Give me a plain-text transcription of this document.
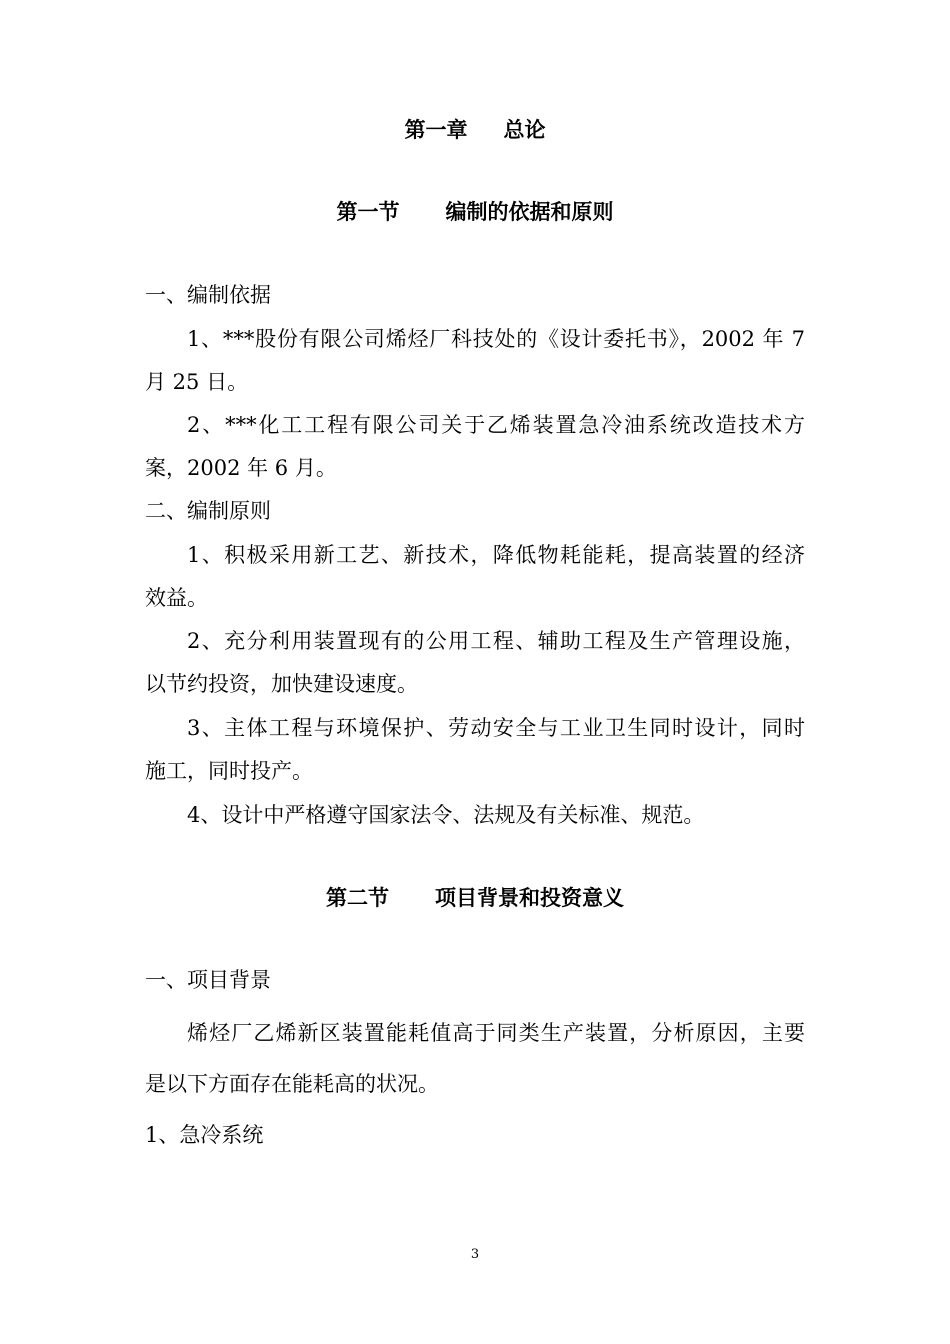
第一章 总论
第一节 编制的依据和原则
一、编制依据
1、***股份有限公司烯烃厂科技处的《设计委托书》，2002 年 7
月 25 日。
2、***化工工程有限公司关于乙烯装置急冷油系统改造技术方
案，2002 年 6 月。
二、编制原则
1、积极采用新工艺、新技术，降低物耗能耗，提高装置的经济
效益。
2、充分利用装置现有的公用工程、辅助工程及生产管理设施，
以节约投资，加快建设速度。
3、主体工程与环境保护、劳动安全与工业卫生同时设计，同时
施工，同时投产。
4、设计中严格遵守国家法令、法规及有关标准、规范。
第二节 项目背景和投资意义
一、项目背景
烯烃厂乙烯新区装置能耗值高于同类生产装置，分析原因，主要
是以下方面存在能耗高的状况。
1、急冷系统
3
